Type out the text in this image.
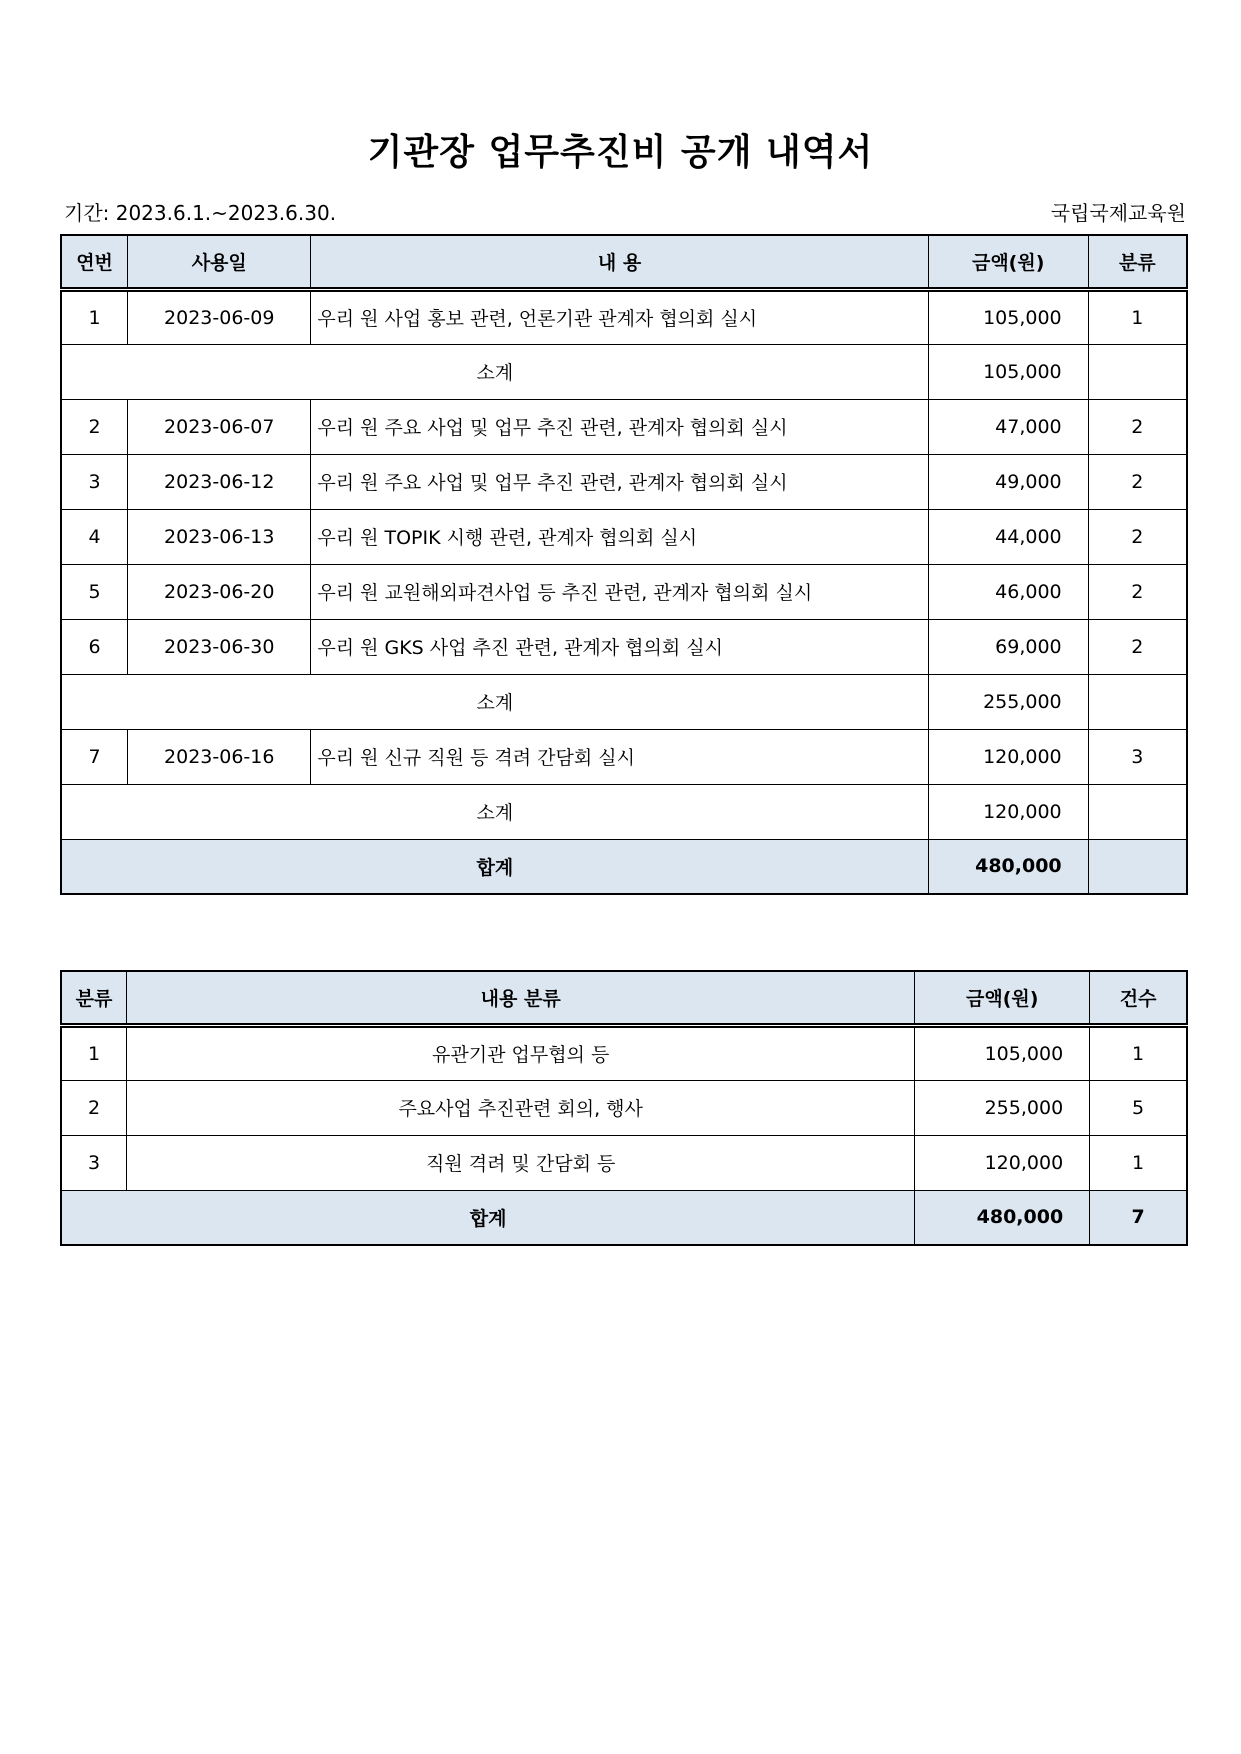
기관장 업무추진비 공개 내역서
기간: 2023.6.1.~2023.6.30.	국립국제교육원
연번	사용일	내 용	금액(원)	분류
1	2023-06-09	우리 원 사업 홍보 관련, 언론기관 관계자 협의회 실시	105,000	1
소계			105,000	
2	2023-06-07	우리 원 주요 사업 및 업무 추진 관련, 관계자 협의회 실시	47,000	2
3	2023-06-12	우리 원 주요 사업 및 업무 추진 관련, 관계자 협의회 실시	49,000	2
4	2023-06-13	우리 원 TOPIK 시행 관련, 관계자 협의회 실시	44,000	2
5	2023-06-20	우리 원 교원해외파견사업 등 추진 관련, 관계자 협의회 실시	46,000	2
6	2023-06-30	우리 원 GKS 사업 추진 관련, 관계자 협의회 실시	69,000	2
소계			255,000	
7	2023-06-16	우리 원 신규 직원 등 격려 간담회 실시	120,000	3
소계			120,000	
합계			480,000	
분류	내용 분류	금액(원)	건수
1	유관기관 업무협의 등	105,000	1
2	주요사업 추진관련 회의, 행사	255,000	5
3	직원 격려 및 간담회 등	120,000	1
합계		480,000	7
